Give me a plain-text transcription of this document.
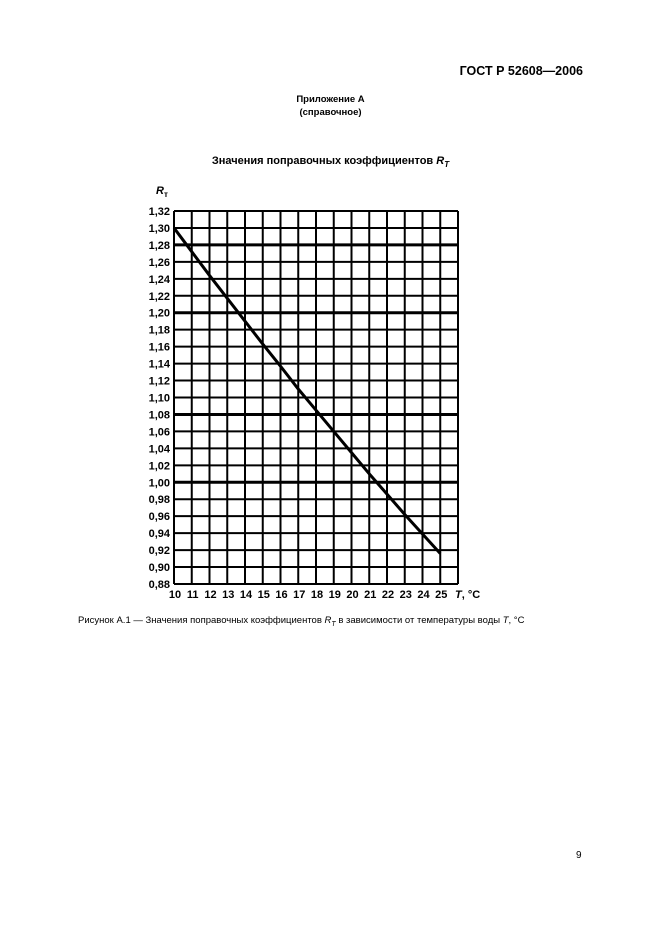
ГОСТ Р 52608—2006
Приложение А
(справочное)
Значения поправочных коэффициентов $R_T$
1,32
1,30
1,28
1,26
1,24
1,22
1,20
1,18
1,16
1,14
1,12
1,10
1,08
1,06
1,04
1,02
1,00
0,98
0,96
0,94
0,92
0,90
0,88
10 11 12 13 14 15 16 17 18 19 20 21 22 23 24 25
$R_т$
T, °С
Рисунок А.1 — Значения поправочных коэффициентов $R_T$ в зависимости от температуры воды T, °С
9
